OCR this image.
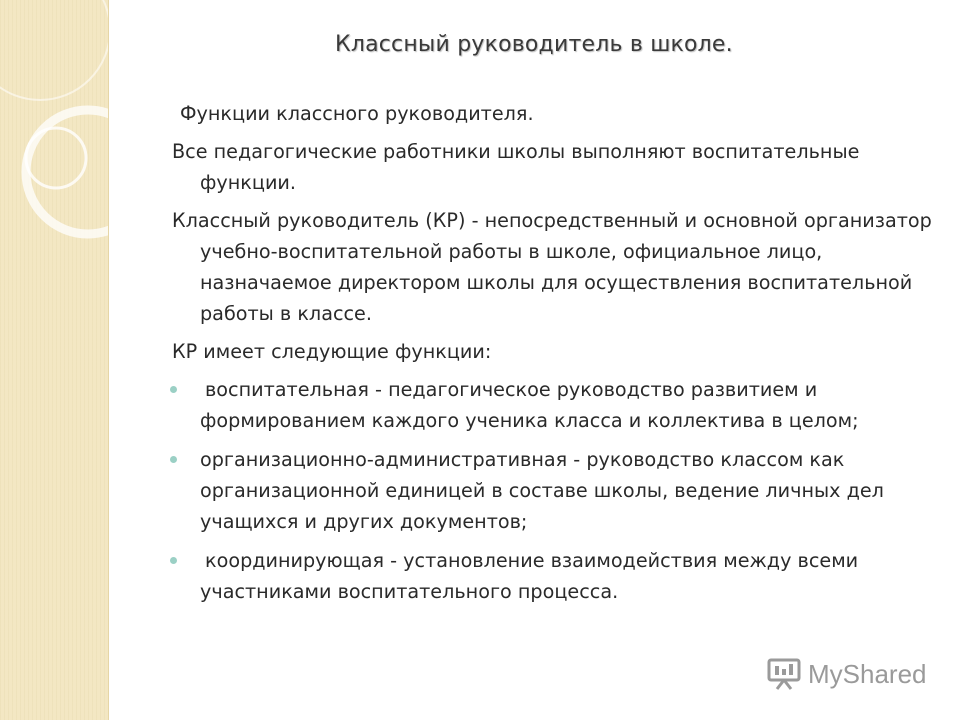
Классный руководитель в школе.

Функции классного руководителя.

Все педагогические работники школы выполняют воспитательные функции.

Классный руководитель (КР) - непосредственный и основной организатор учебно-воспитательной работы в школе, официальное лицо, назначаемое директором школы для осуществления воспитательной работы в классе.

КР имеет следующие функции:

воспитательная - педагогическое руководство развитием и формированием каждого ученика класса и коллектива в целом;
организационно-административная - руководство классом как организационной единицей в составе школы, ведение личных дел учащихся и других документов;
координирующая - установление взаимодействия между всеми участниками воспитательного процесса.
MyShared
